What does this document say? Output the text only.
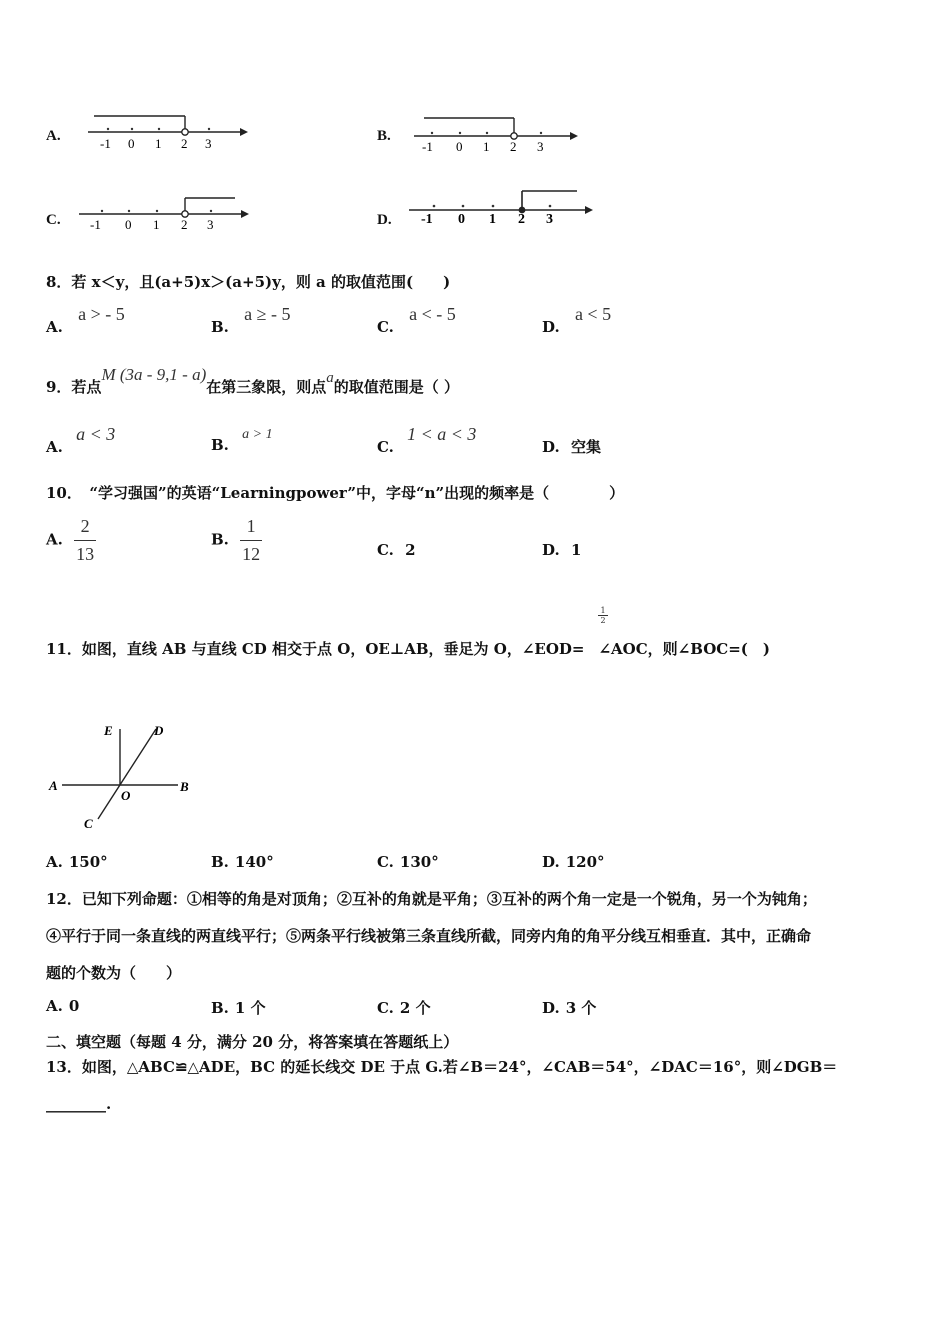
A.	-1 0 1 2 3	B.
-1 0 1 2 3
C. -1 0 1 2 3	D. -1 0 1 2 3
8．若 x＜y，且(a+5)x＞(a+5)y，则 a 的取值范围(　　)
A. a > - 5
B. a ≥ - 5
C. a < - 5
D. a < 5
9．若点M (3a - 9,1 - a)在第三象限，则点a的取值范围是（ ）
A. a < 3
B. a > 1
C. 1 < a < 3
D. 空集
10．　“学习强国”的英语“Learningpower”中，字母“n”出现的频率是（　　　　）
A. $\frac{2}{13}$	B. $\frac{1}{12}$	C. 2	D. 1
1
2
11．如图，直线 AB 与直线 CD 相交于点 O，OE⊥AB，垂足为 O，∠EOD= ∠AOC，则∠BOC=(　)
E	D
A
O
B
C
A. 150°	B. 140°	C. 130°	D. 120°
12．已知下列命题：①相等的角是对顶角；②互补的角就是平角；③互补的两个角一定是一个锐角，另一个为钝角；
④平行于同一条直线的两直线平行；⑤两条平行线被第三条直线所截，同旁内角的角平分线互相垂直．其中，正确命
题的个数为（　　）
A. 0	B. 1 个	C. 2 个	D. 3 个
二、填空题（每题 4 分，满分 20 分，将答案填在答题纸上）
13．如图，△ABC≌△ADE，BC 的延长线交 DE 于点 G.若∠B＝24°，∠CAB＝54°，∠DAC＝16°，则∠DGB＝
________.
